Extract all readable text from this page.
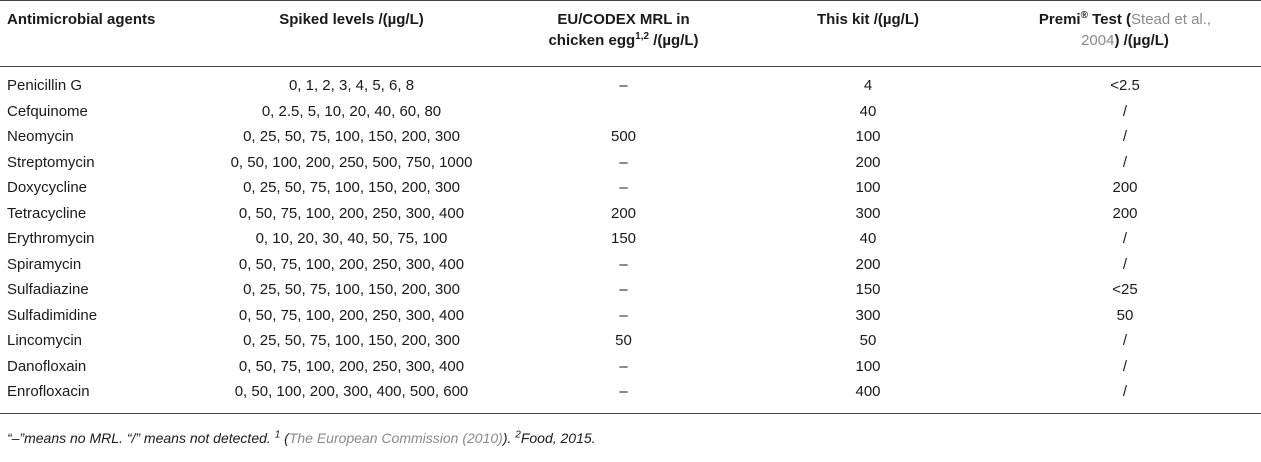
Antimicrobial agents	Spiked levels /(µg/L)	EU/CODEX MRL in
chicken egg$^{1,2}$ /(µg/L)	This kit /(µg/L)	Premi® Test (Stead et al.,
2004) /(µg/L)
Penicillin G	0, 1, 2, 3, 4, 5, 6, 8	–	4	<2.5
Cefquinome	0, 2.5, 5, 10, 20, 40, 60, 80		40	/
Neomycin	0, 25, 50, 75, 100, 150, 200, 300	500	100	/
Streptomycin	0, 50, 100, 200, 250, 500, 750, 1000	–	200	/
Doxycycline	0, 25, 50, 75, 100, 150, 200, 300	–	100	200
Tetracycline	0, 50, 75, 100, 200, 250, 300, 400	200	300	200
Erythromycin	0, 10, 20, 30, 40, 50, 75, 100	150	40	/
Spiramycin	0, 50, 75, 100, 200, 250, 300, 400	–	200	/
Sulfadiazine	0, 25, 50, 75, 100, 150, 200, 300	–	150	<25
Sulfadimidine	0, 50, 75, 100, 200, 250, 300, 400	–	300	50
Lincomycin	0, 25, 50, 75, 100, 150, 200, 300	50	50	/
Danofloxain	0, 50, 75, 100, 200, 250, 300, 400	–	100	/
Enrofloxacin	0, 50, 100, 200, 300, 400, 500, 600	–	400	/
“–”means no MRL. “/” means not detected. $^1$ (The European Commission (2010)). $^2$Food, 2015.
